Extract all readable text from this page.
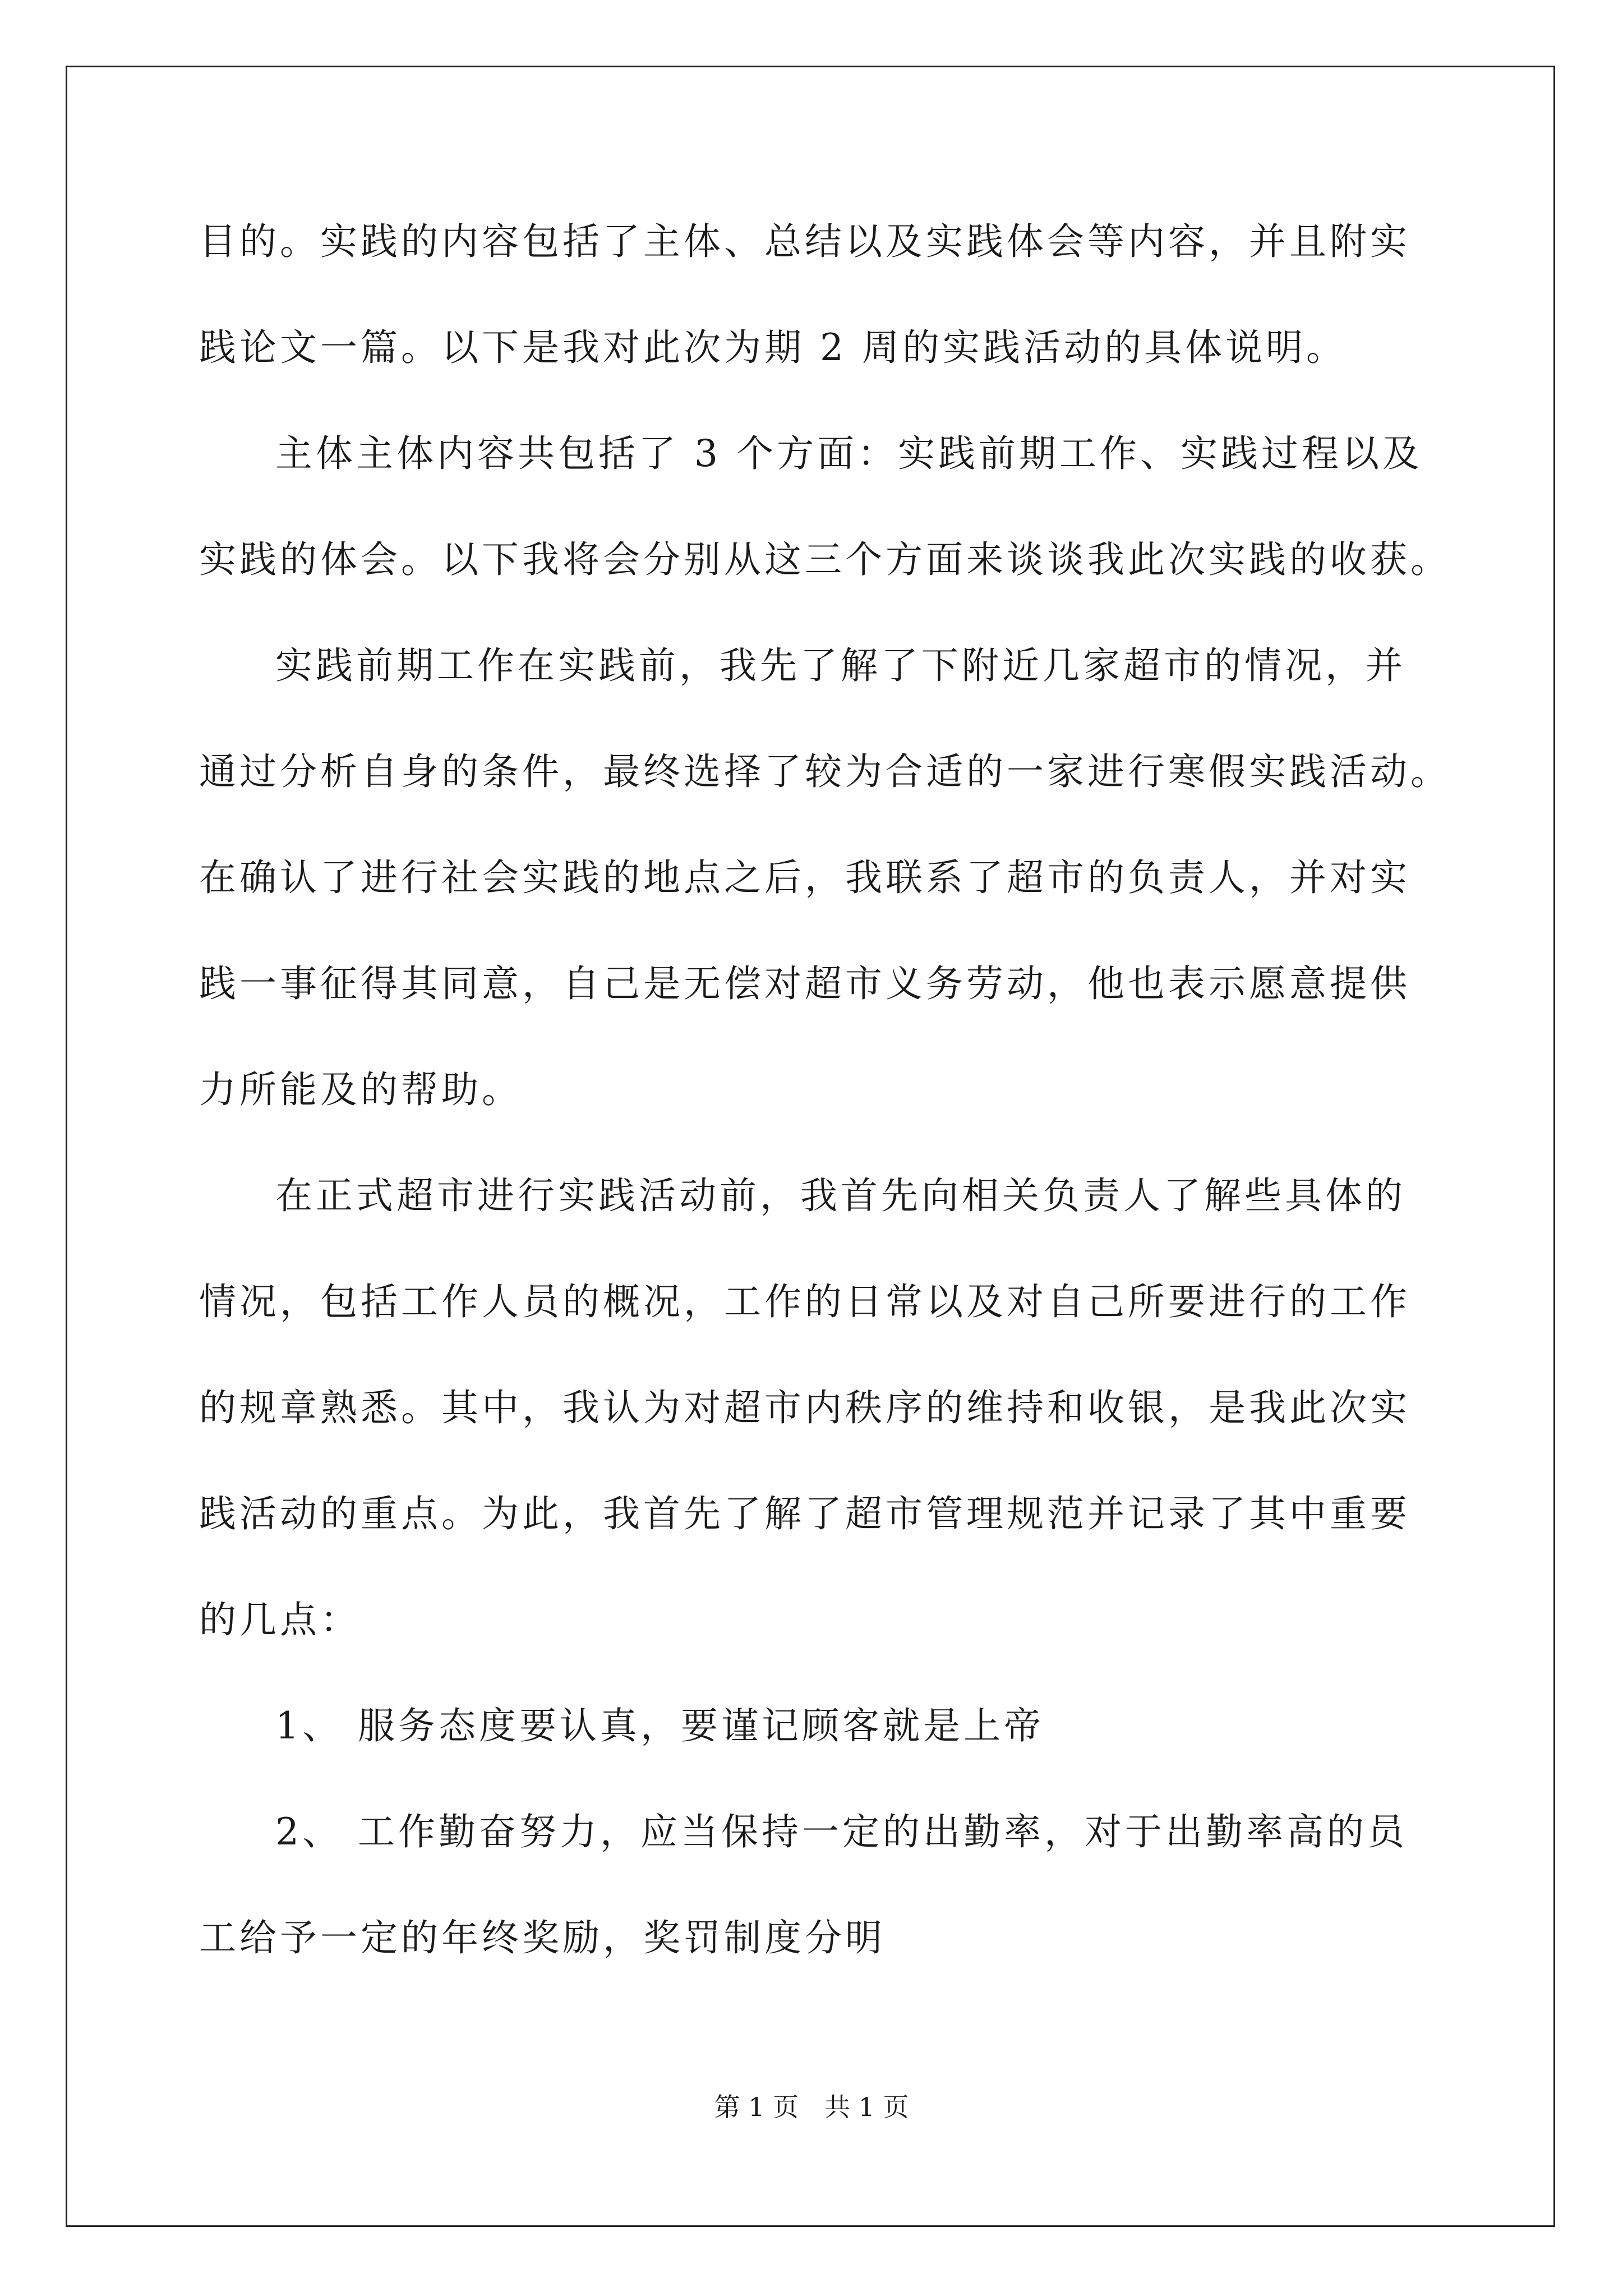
目的。实践的内容包括了主体、总结以及实践体会等内容，并且附实

践论文一篇。以下是我对此次为期 2 周的实践活动的具体说明。

主体主体内容共包括了 3 个方面：实践前期工作、实践过程以及

实践的体会。以下我将会分别从这三个方面来谈谈我此次实践的收获。

实践前期工作在实践前，我先了解了下附近几家超市的情况，并

通过分析自身的条件，最终选择了较为合适的一家进行寒假实践活动。

在确认了进行社会实践的地点之后，我联系了超市的负责人，并对实

践一事征得其同意，自己是无偿对超市义务劳动，他也表示愿意提供

力所能及的帮助。

在正式超市进行实践活动前，我首先向相关负责人了解些具体的

情况，包括工作人员的概况，工作的日常以及对自己所要进行的工作

的规章熟悉。其中，我认为对超市内秩序的维持和收银，是我此次实

践活动的重点。为此，我首先了解了超市管理规范并记录了其中重要

的几点：

1、 服务态度要认真，要谨记顾客就是上帝

2、 工作勤奋努力，应当保持一定的出勤率，对于出勤率高的员

工给予一定的年终奖励，奖罚制度分明

第 1 页　共 1 页
